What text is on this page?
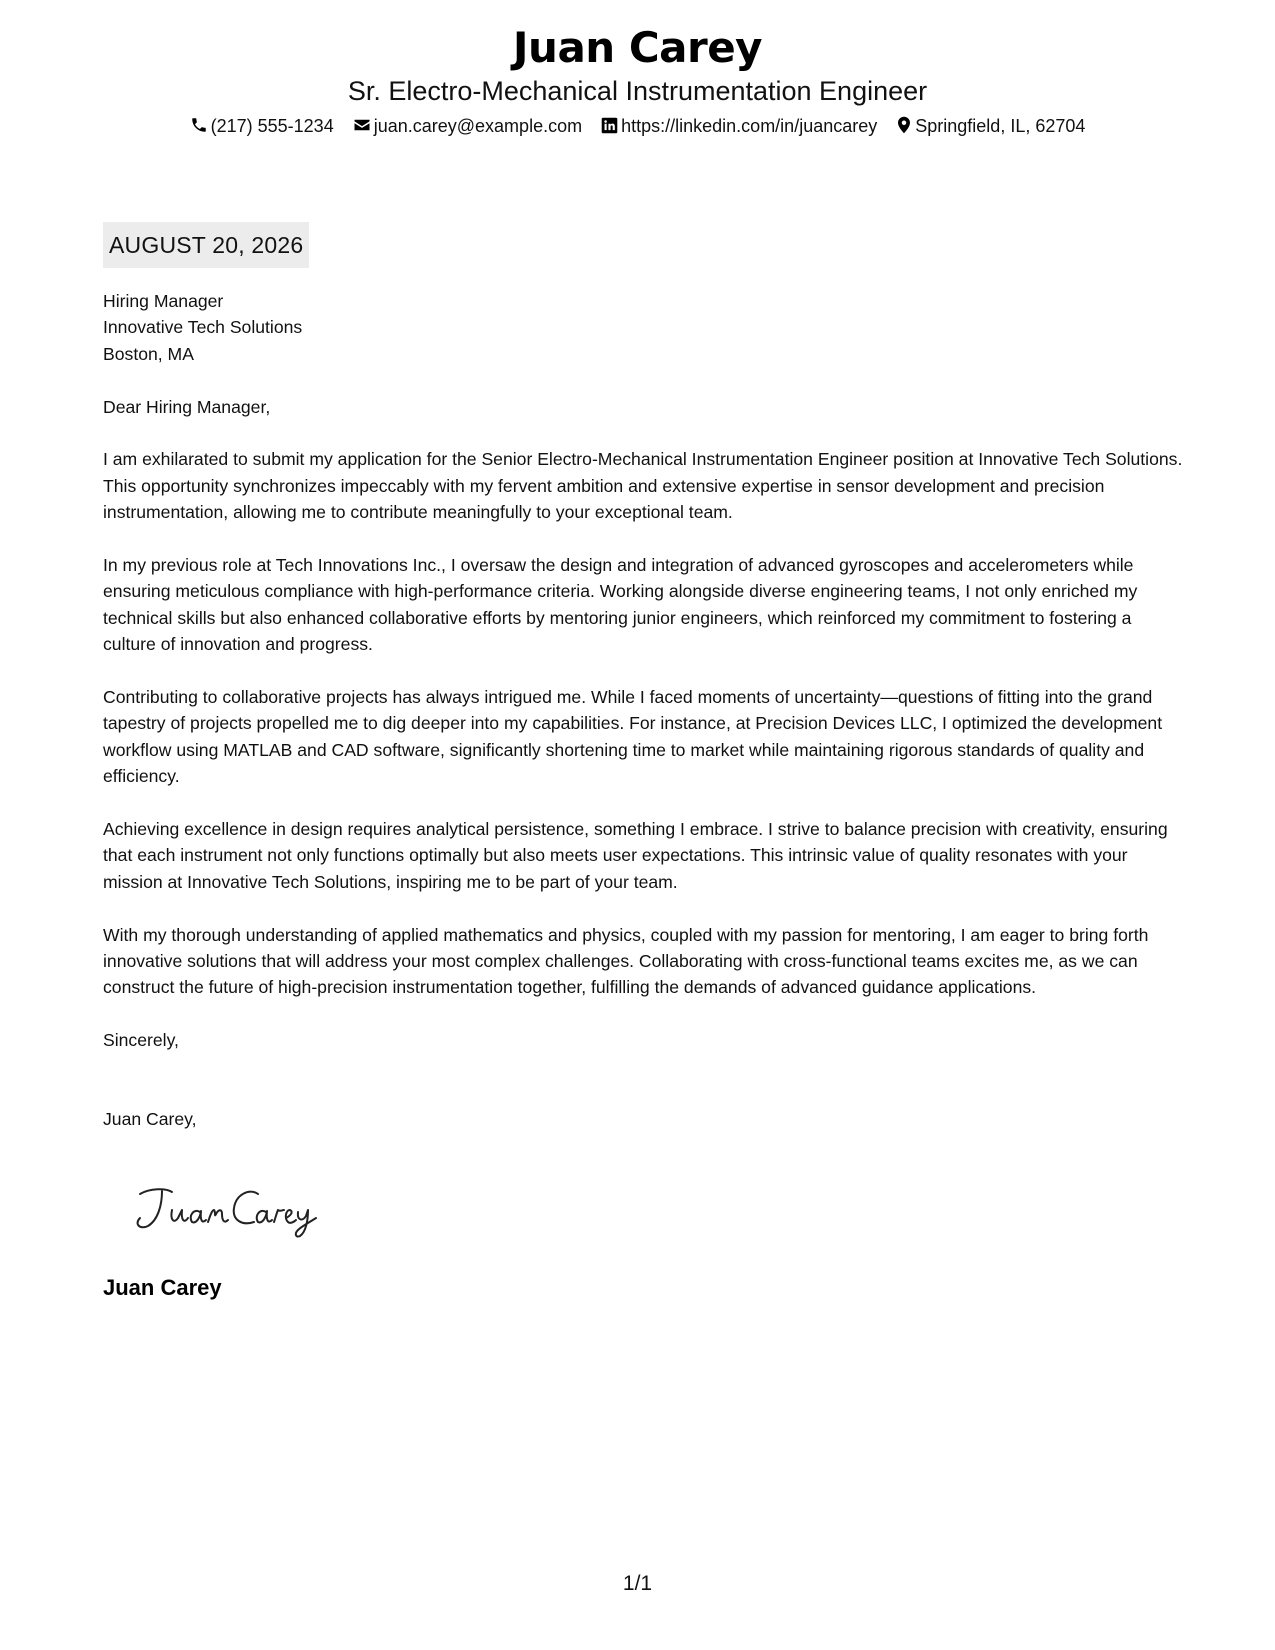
Juan Carey
Sr. Electro-Mechanical Instrumentation Engineer
(217) 555-1234 juan.carey@example.com https://linkedin.com/in/juancarey Springfield, IL, 62704
AUGUST 20, 2026
Hiring Manager
Innovative Tech Solutions
Boston, MA

Dear Hiring Manager,

I am exhilarated to submit my application for the Senior Electro-Mechanical Instrumentation Engineer position at Innovative Tech Solutions. This opportunity synchronizes impeccably with my fervent ambition and extensive expertise in sensor development and precision instrumentation, allowing me to contribute meaningfully to your exceptional team.

In my previous role at Tech Innovations Inc., I oversaw the design and integration of advanced gyroscopes and accelerometers while ensuring meticulous compliance with high-performance criteria. Working alongside diverse engineering teams, I not only enriched my technical skills but also enhanced collaborative efforts by mentoring junior engineers, which reinforced my commitment to fostering a culture of innovation and progress.

Contributing to collaborative projects has always intrigued me. While I faced moments of uncertainty—questions of fitting into the grand tapestry of projects propelled me to dig deeper into my capabilities. For instance, at Precision Devices LLC, I optimized the development workflow using MATLAB and CAD software, significantly shortening time to market while maintaining rigorous standards of quality and efficiency.

Achieving excellence in design requires analytical persistence, something I embrace. I strive to balance precision with creativity, ensuring that each instrument not only functions optimally but also meets user expectations. This intrinsic value of quality resonates with your mission at Innovative Tech Solutions, inspiring me to be part of your team.

With my thorough understanding of applied mathematics and physics, coupled with my passion for mentoring, I am eager to bring forth innovative solutions that will address your most complex challenges. Collaborating with cross-functional teams excites me, as we can construct the future of high-precision instrumentation together, fulfilling the demands of advanced guidance applications.

Sincerely,

Juan Carey,

Juan Carey
1/1
